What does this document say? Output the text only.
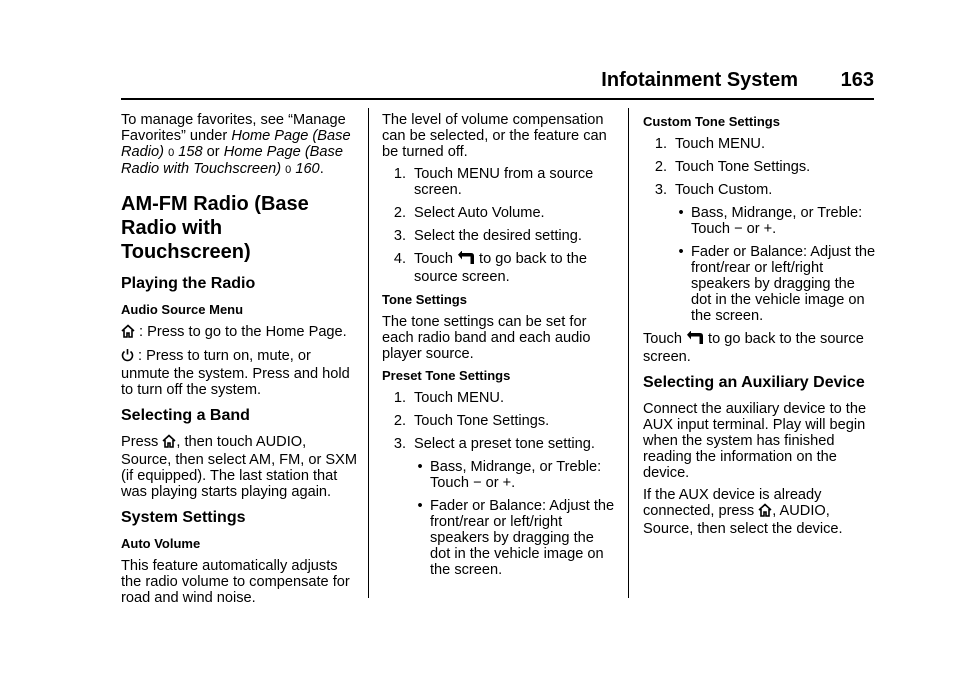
Infotainment System 163

To manage favorites, see “Manage Favorites” under Home Page (Base Radio) 0 158 or Home Page (Base Radio with Touchscreen) 0 160.

AM-FM Radio (Base Radio with Touchscreen)
Playing the Radio
Audio Source Menu

: Press to go to the Home Page.

: Press to turn on, mute, or unmute the system. Press and hold to turn off the system.

Selecting a Band

Press , then touch AUDIO, Source, then select AM, FM, or SXM (if equipped). The last station that was playing starts playing again.

System Settings
Auto Volume

This feature automatically adjusts the radio volume to compensate for road and wind noise.

The level of volume compensation can be selected, or the feature can be turned off.

1. Touch MENU from a source screen.
2. Select Auto Volume.
3. Select the desired setting.
4. Touch  to go back to the source screen.
Tone Settings

The tone settings can be set for each radio band and each audio player source.

Preset Tone Settings
1. Touch MENU.
2. Touch Tone Settings.
3. Select a preset tone setting.
• Bass, Midrange, or Treble: Touch − or +.
• Fader or Balance: Adjust the front/rear or left/right speakers by dragging the dot in the vehicle image on the screen.
Custom Tone Settings
1. Touch MENU.
2. Touch Tone Settings.
3. Touch Custom.
• Bass, Midrange, or Treble: Touch − or +.
• Fader or Balance: Adjust the front/rear or left/right speakers by dragging the dot in the vehicle image on the screen.

Touch  to go back to the source screen.

Selecting an Auxiliary Device

Connect the auxiliary device to the AUX input terminal. Play will begin when the system has finished reading the information on the device.

If the AUX device is already connected, press , AUDIO, Source, then select the device.
